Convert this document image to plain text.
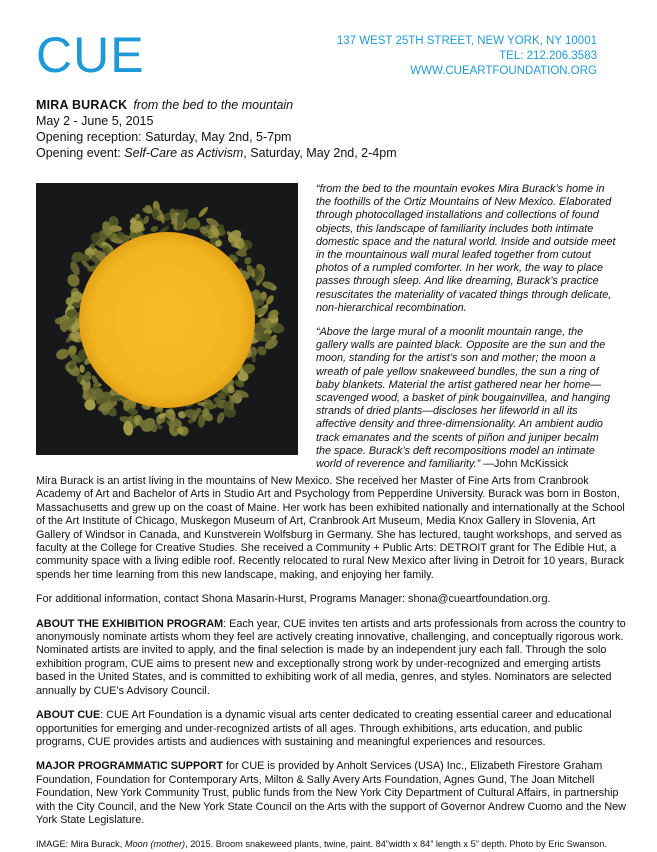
CUE	137 WEST 25TH STREET, NEW YORK, NY 10001
TEL: 212.206.3583
WWW.CUEARTFOUNDATION.ORG
MIRA BURACK from the bed to the mountain
May 2 - June 5, 2015
Opening reception: Saturday, May 2nd, 5-7pm
Opening event: Self-Care as Activism, Saturday, May 2nd, 2-4pm

“from the bed to the mountain evokes Mira Burack’s home in the foothills of the Ortiz Mountains of New Mexico. Elaborated through photocollaged installations and collections of found objects, this landscape of familiarity includes both intimate domestic space and the natural world. Inside and outside meet in the mountainous wall mural leafed together from cutout photos of a rumpled comforter. In her work, the way to place passes through sleep. And like dreaming, Burack’s practice resuscitates the materiality of vacated things through delicate, non-hierarchical recombination.

“Above the large mural of a moonlit mountain range, the gallery walls are painted black. Opposite are the sun and the moon, standing for the artist’s son and mother; the moon a wreath of pale yellow snakeweed bundles, the sun a ring of baby blankets. Material the artist gathered near her home—scavenged wood, a basket of pink bougainvillea, and hanging strands of dried plants—discloses her lifeworld in all its affective density and three-dimensionality. An ambient audio track emanates and the scents of piñon and juniper becalm the space. Burack’s deft recompositions model an intimate world of reverence and familiarity.” —John McKissick

Mira Burack is an artist living in the mountains of New Mexico. She received her Master of Fine Arts from Cranbrook Academy of Art and Bachelor of Arts in Studio Art and Psychology from Pepperdine University. Burack was born in Boston, Massachusetts and grew up on the coast of Maine. Her work has been exhibited nationally and internationally at the School of the Art Institute of Chicago, Muskegon Museum of Art, Cranbrook Art Museum, Media Knox Gallery in Slovenia, Art Gallery of Windsor in Canada, and Kunstverein Wolfsburg in Germany. She has lectured, taught workshops, and served as faculty at the College for Creative Studies. She received a Community + Public Arts: DETROIT grant for The Edible Hut, a community space with a living edible roof. Recently relocated to rural New Mexico after living in Detroit for 10 years, Burack spends her time learning from this new landscape, making, and enjoying her family.

For additional information, contact Shona Masarin-Hurst, Programs Manager: shona@cueartfoundation.org.

ABOUT THE EXHIBITION PROGRAM: Each year, CUE invites ten artists and arts professionals from across the country to anonymously nominate artists whom they feel are actively creating innovative, challenging, and conceptually rigorous work. Nominated artists are invited to apply, and the final selection is made by an independent jury each fall. Through the solo exhibition program, CUE aims to present new and exceptionally strong work by under-recognized and emerging artists based in the United States, and is committed to exhibiting work of all media, genres, and styles. Nominators are selected annually by CUE’s Advisory Council.

ABOUT CUE: CUE Art Foundation is a dynamic visual arts center dedicated to creating essential career and educational opportunities for emerging and under-recognized artists of all ages. Through exhibitions, arts education, and public programs, CUE provides artists and audiences with sustaining and meaningful experiences and resources.

MAJOR PROGRAMMATIC SUPPORT for CUE is provided by Anholt Services (USA) Inc., Elizabeth Firestore Graham Foundation, Foundation for Contemporary Arts, Milton & Sally Avery Arts Foundation, Agnes Gund, The Joan Mitchell Foundation, New York Community Trust, public funds from the New York City Department of Cultural Affairs, in partnership with the City Council, and the New York State Council on the Arts with the support of Governor Andrew Cuomo and the New York State Legislature.

IMAGE: Mira Burack, Moon (mother), 2015. Broom snakeweed plants, twine, paint. 84”width x 84” length x 5” depth. Photo by Eric Swanson.
